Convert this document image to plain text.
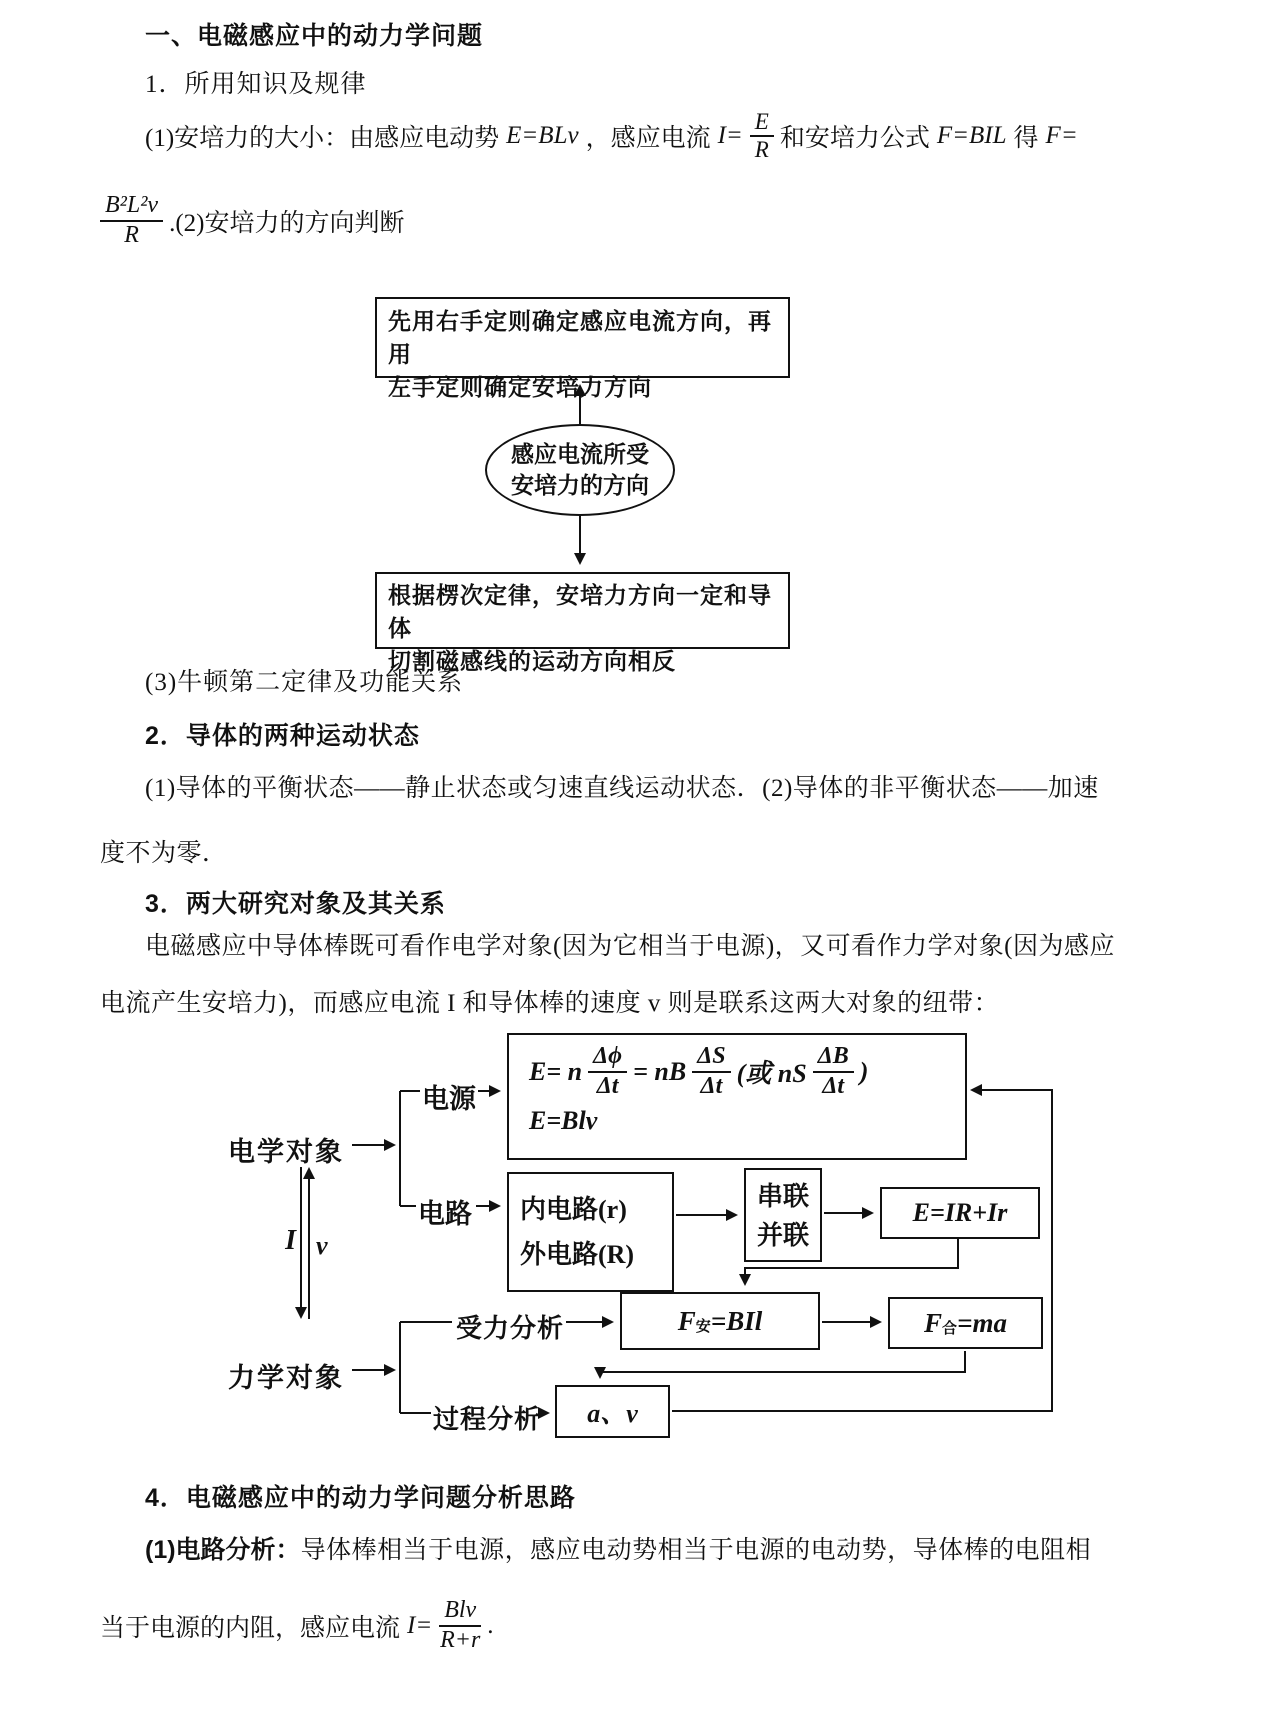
一、电磁感应中的动力学问题
1．所用知识及规律
(1)安培力的大小：由感应电动势 E=BLv ，感应电流 $I= \frac{E}{R}$ 和安培力公式 F=BIL 得 F=
$\frac{\text{B²L²v}}{R} .(2)$安培力的方向判断
先用右手定则确定感应电流方向，再用
左手定则确定安培力方向
感应电流所受
安培力的方向
根据楞次定律，安培力方向一定和导体
切割磁感线的运动方向相反
(3)牛顿第二定律及功能关系
2．导体的两种运动状态
(1)导体的平衡状态——静止状态或匀速直线运动状态．(2)导体的非平衡状态——加速
度不为零．
3．两大研究对象及其关系
电磁感应中导体棒既可看作电学对象(因为它相当于电源)，又可看作力学对象(因为感应
电流产生安培力)，而感应电流 I 和导体棒的速度 v 则是联系这两大对象的纽带：
电学对象
电源
电路
I v
力学对象
受力分析
过程分析
E= n $\frac{\Delta\phi}{\Delta t}$ = nB $\frac{\Delta S}{\Delta t}$ (或 nS $\frac{\Delta B}{\Delta t}$ )
E=Blv
内电路(r)
外电路(R)
串联
并联
E=IR+Ir
$F_安 =BIl$	$F_合 =ma$
a、v
4．电磁感应中的动力学问题分析思路
(1)电路分析： 导体棒相当于电源，感应电动势相当于电源的电动势，导体棒的电阻相
当于电源的内阻，感应电流 $I= \frac{\text{Blv}}{R+r}$ .
